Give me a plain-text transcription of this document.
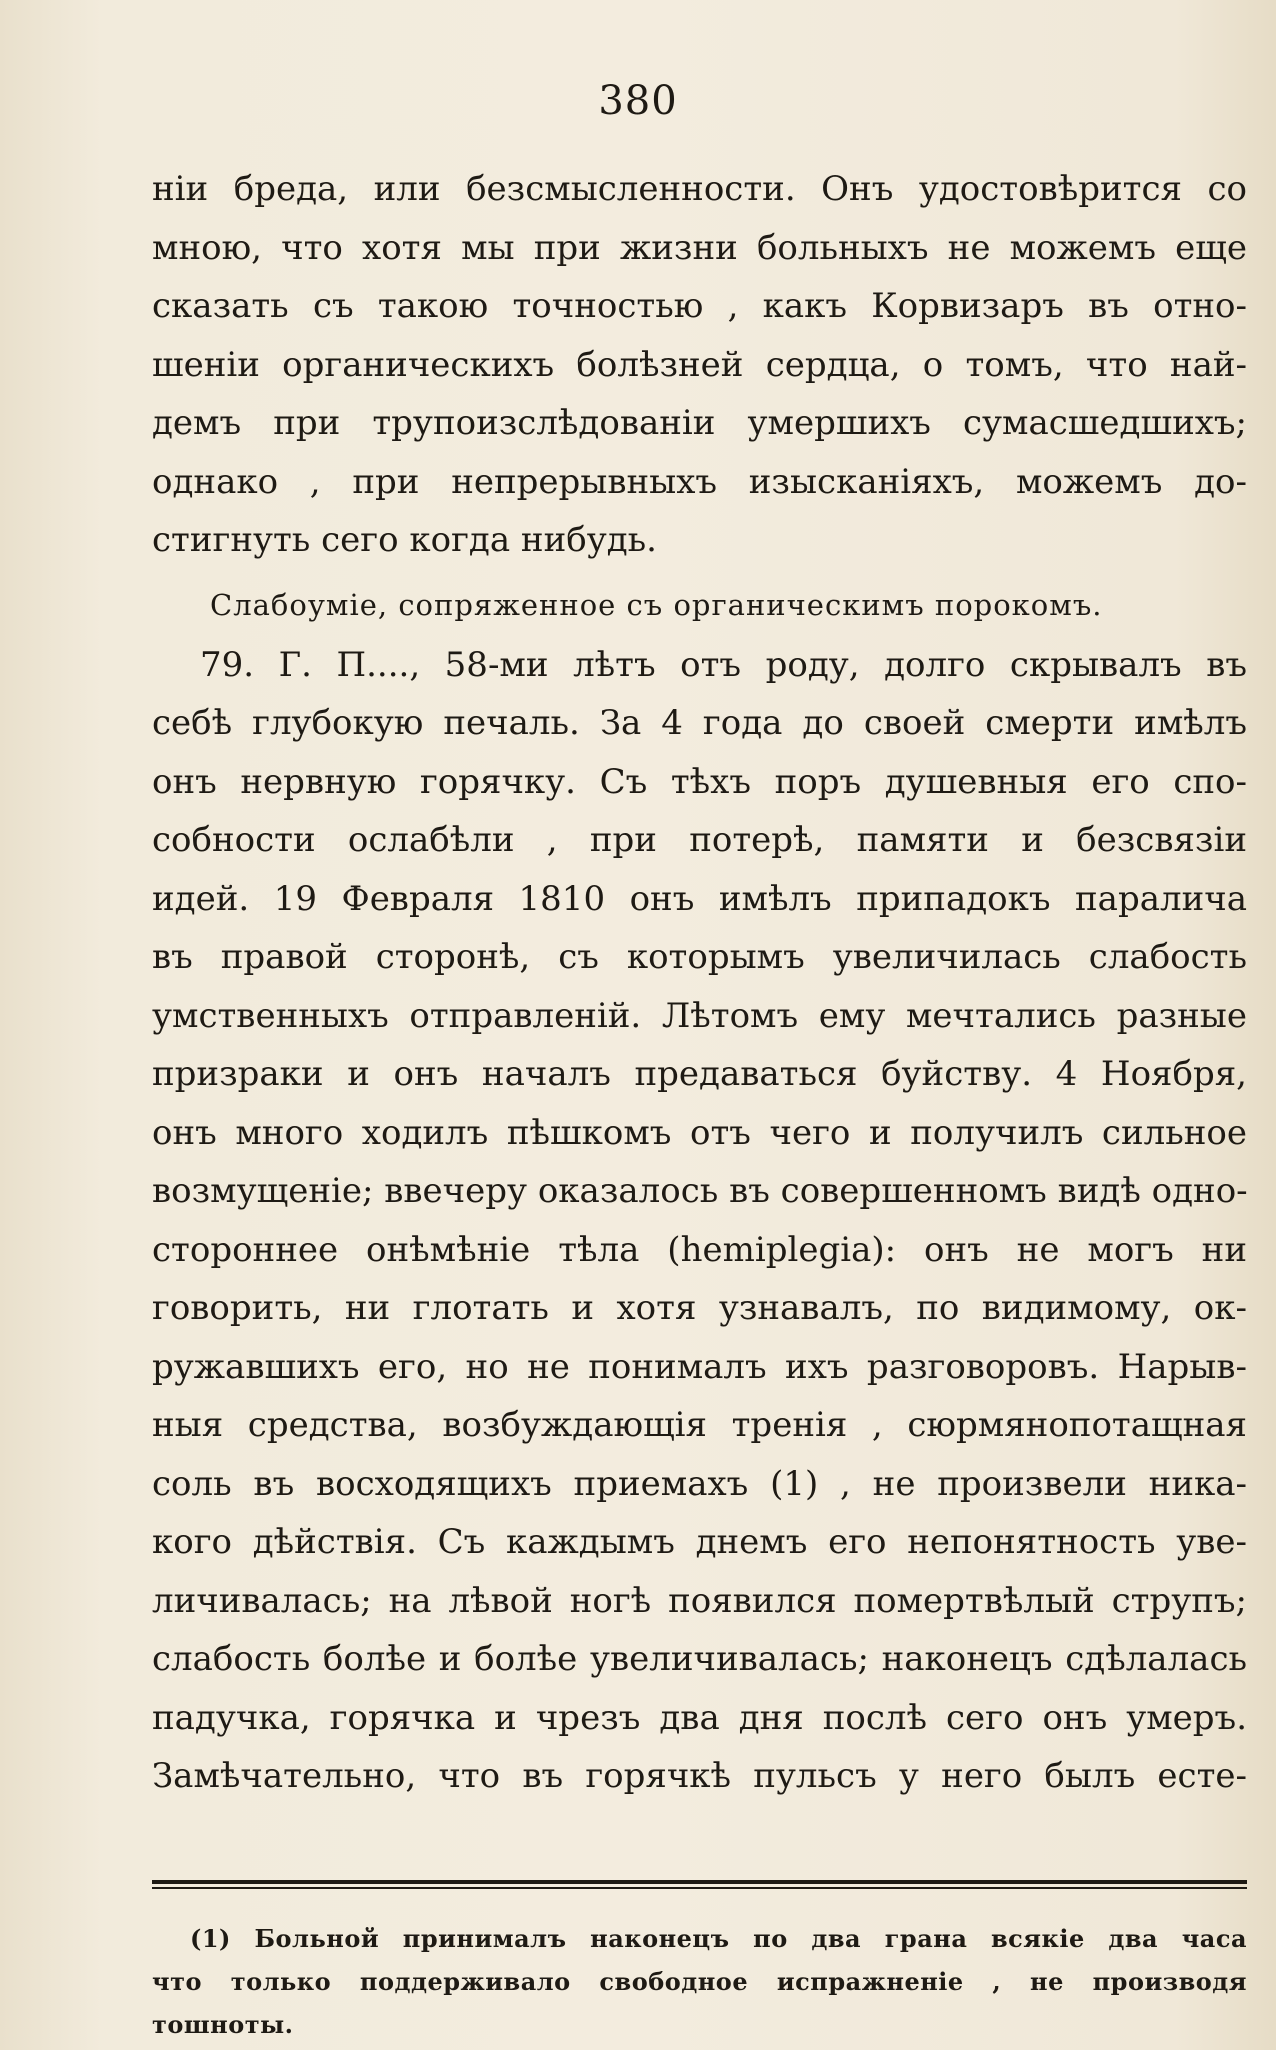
380
нiи бреда, или безсмысленности. Онъ удостовѣрится со
мною, что хотя мы при жизни больныхъ не можемъ еще
сказать съ такою точностью , какъ Корвизаръ въ отно-
шенiи органическихъ болѣзней сердца, о томъ, что най-
демъ при трупоизслѣдованiи умершихъ сумасшедшихъ;
однако , при непрерывныхъ изысканiяхъ, можемъ до-
стигнуть сего когда нибудь.
Слабоумiе, сопряженное съ органическимъ порокомъ.
79. Г. П...., 58-ми лѣтъ отъ роду, долго скрывалъ въ
себѣ глубокую печаль. За 4 года до своей смерти имѣлъ
онъ нервную горячку. Съ тѣхъ поръ душевныя его спо-
собности ослабѣли , при потерѣ, памяти и безсвязiи
идей. 19 Февраля 1810 онъ имѣлъ припадокъ паралича
въ правой сторонѣ, съ которымъ увеличилась слабость
умственныхъ отправленiй. Лѣтомъ ему мечтались разные
призраки и онъ началъ предаваться буйству. 4 Ноября,
онъ много ходилъ пѣшкомъ отъ чего и получилъ сильное
возмущенiе; ввечеру оказалось въ совершенномъ видѣ одно-
стороннее онѣмѣнiе тѣла (hemiplegia): онъ не могъ ни
говорить, ни глотать и хотя узнавалъ, по видимому, ок-
ружавшихъ его, но не понималъ ихъ разговоровъ. Нарыв-
ныя средства, возбуждающiя тренiя , сюрмянопотащная
соль въ восходящихъ приемахъ (1) , не произвели ника-
кого дѣйствiя. Съ каждымъ днемъ его непонятность уве-
личивалась; на лѣвой ногѣ появился помертвѣлый струпъ;
слабость болѣе и болѣе увеличивалась; наконецъ сдѣлалась
падучка, горячка и чрезъ два дня послѣ сего онъ умеръ.
Замѣчательно, что въ горячкѣ пульсъ у него былъ есте-
(1) Больной принималъ наконецъ по два грана всякiе два часа
что только поддерживало свободное испражненiе , не производя
тошноты.
